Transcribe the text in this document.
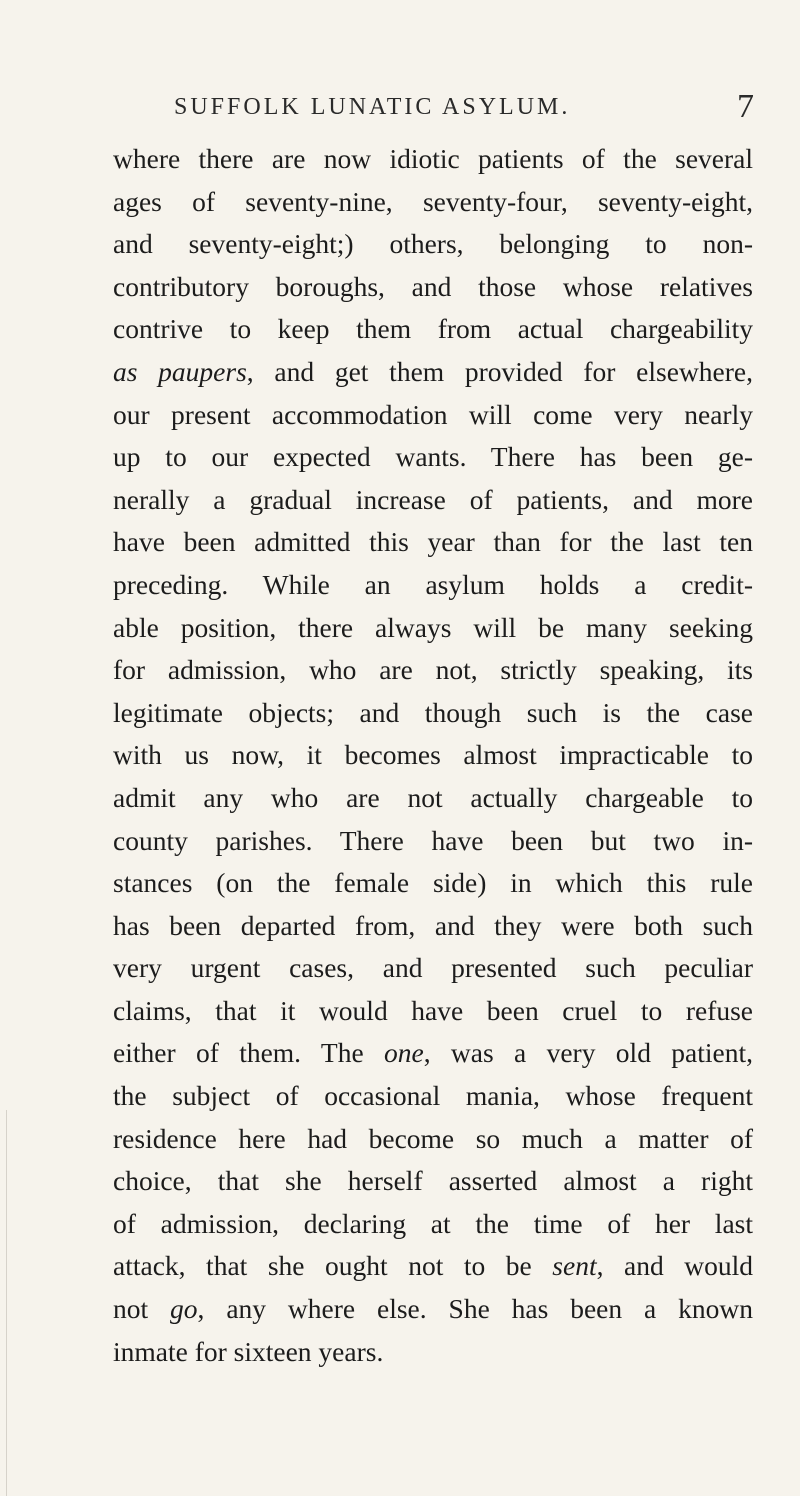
SUFFOLK LUNATIC ASYLUM.	7
where there are now idiotic patients of the several
ages of seventy-nine, seventy-four, seventy-eight,
and seventy-eight;) others, belonging to non-
contributory boroughs, and those whose relatives
contrive to keep them from actual chargeability
as paupers, and get them provided for elsewhere,
our present accommodation will come very nearly
up to our expected wants. There has been ge-
nerally a gradual increase of patients, and more
have been admitted this year than for the last ten
preceding. While an asylum holds a credit-
able position, there always will be many seeking
for admission, who are not, strictly speaking, its
legitimate objects; and though such is the case
with us now, it becomes almost impracticable to
admit any who are not actually chargeable to
county parishes. There have been but two in-
stances (on the female side) in which this rule
has been departed from, and they were both such
very urgent cases, and presented such peculiar
claims, that it would have been cruel to refuse
either of them. The one, was a very old patient,
the subject of occasional mania, whose frequent
residence here had become so much a matter of
choice, that she herself asserted almost a right
of admission, declaring at the time of her last
attack, that she ought not to be sent, and would
not go, any where else. She has been a known
inmate for sixteen years.
